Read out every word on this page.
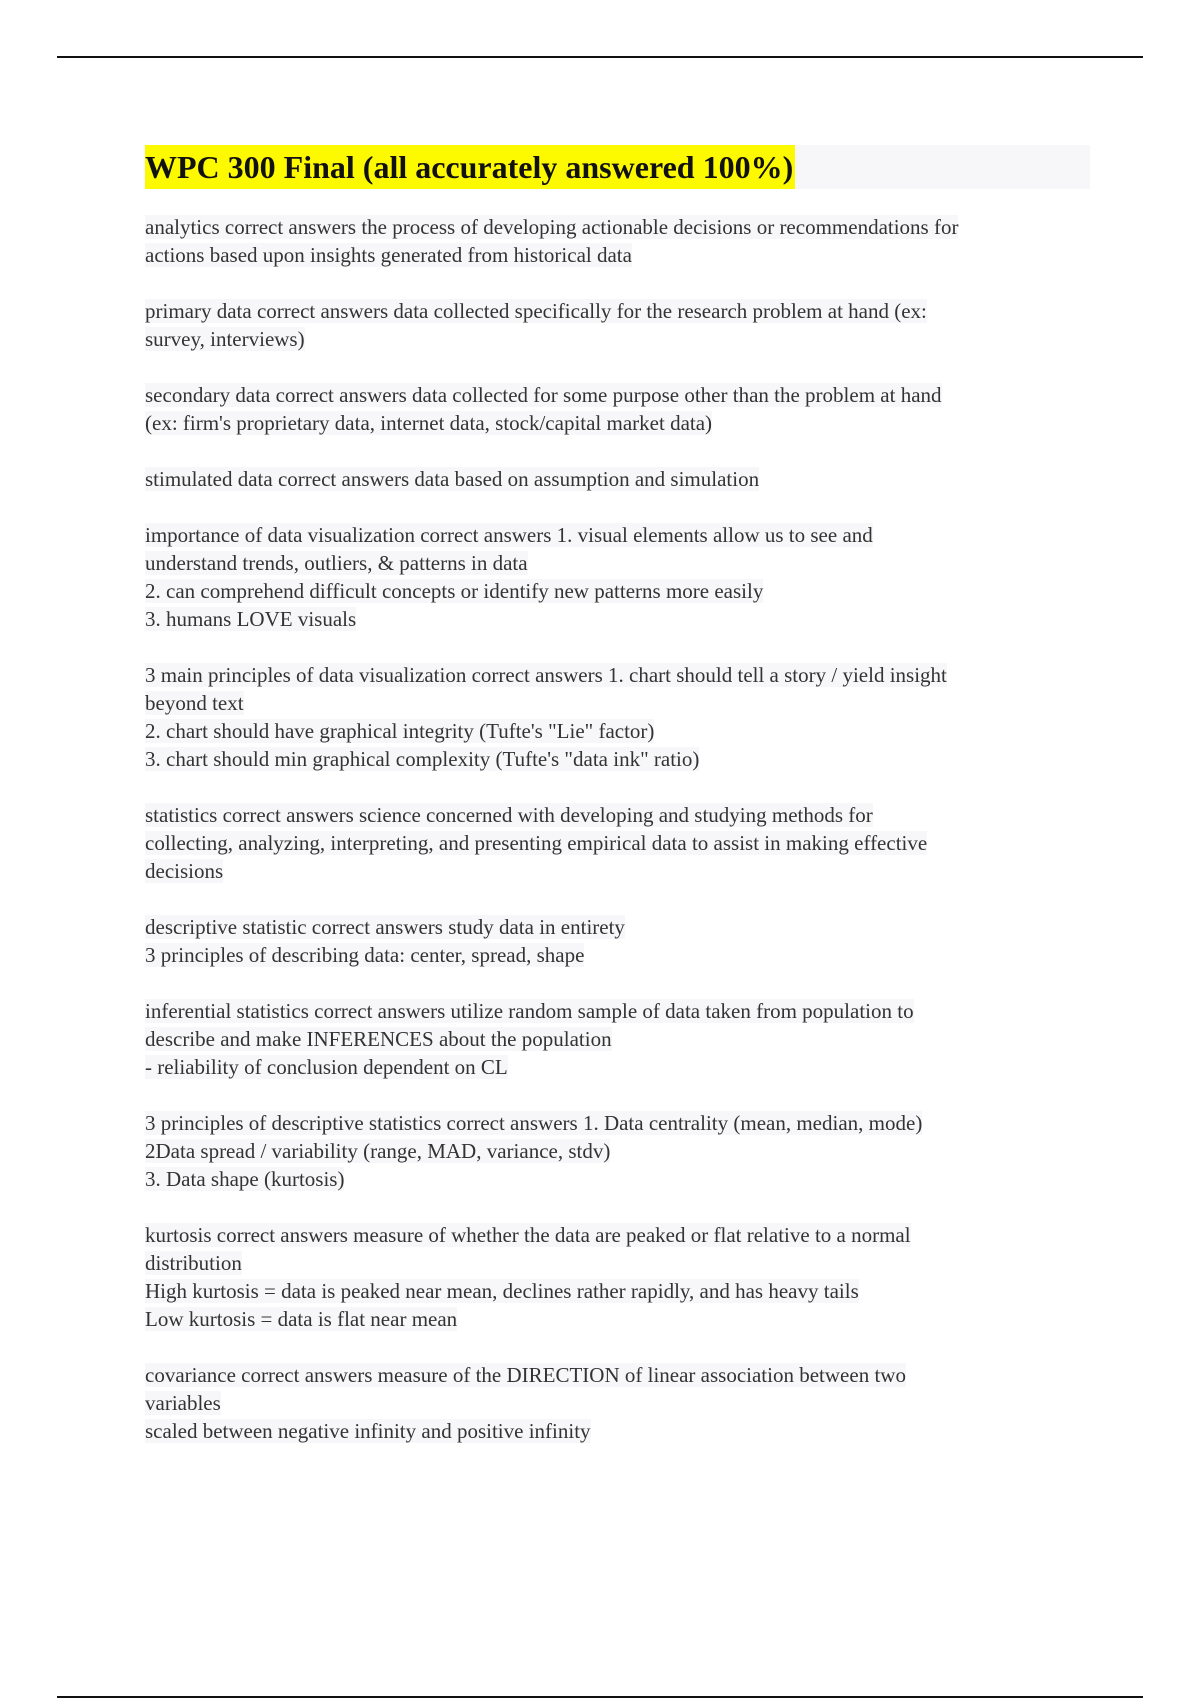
WPC 300 Final (all accurately answered 100%)
analytics correct answers the process of developing actionable decisions or recommendations for
actions based upon insights generated from historical data
primary data correct answers data collected specifically for the research problem at hand (ex:
survey, interviews)
secondary data correct answers data collected for some purpose other than the problem at hand
(ex: firm's proprietary data, internet data, stock/capital market data)
stimulated data correct answers data based on assumption and simulation
importance of data visualization correct answers 1. visual elements allow us to see and
understand trends, outliers, & patterns in data
2. can comprehend difficult concepts or identify new patterns more easily
3. humans LOVE visuals
3 main principles of data visualization correct answers 1. chart should tell a story / yield insight
beyond text
2. chart should have graphical integrity (Tufte's "Lie" factor)
3. chart should min graphical complexity (Tufte's "data ink" ratio)
statistics correct answers science concerned with developing and studying methods for
collecting, analyzing, interpreting, and presenting empirical data to assist in making effective
decisions
descriptive statistic correct answers study data in entirety
3 principles of describing data: center, spread, shape
inferential statistics correct answers utilize random sample of data taken from population to
describe and make INFERENCES about the population
- reliability of conclusion dependent on CL
3 principles of descriptive statistics correct answers 1. Data centrality (mean, median, mode)
2Data spread / variability (range, MAD, variance, stdv)
3. Data shape (kurtosis)
kurtosis correct answers measure of whether the data are peaked or flat relative to a normal
distribution
High kurtosis = data is peaked near mean, declines rather rapidly, and has heavy tails
Low kurtosis = data is flat near mean
covariance correct answers measure of the DIRECTION of linear association between two
variables
scaled between negative infinity and positive infinity
